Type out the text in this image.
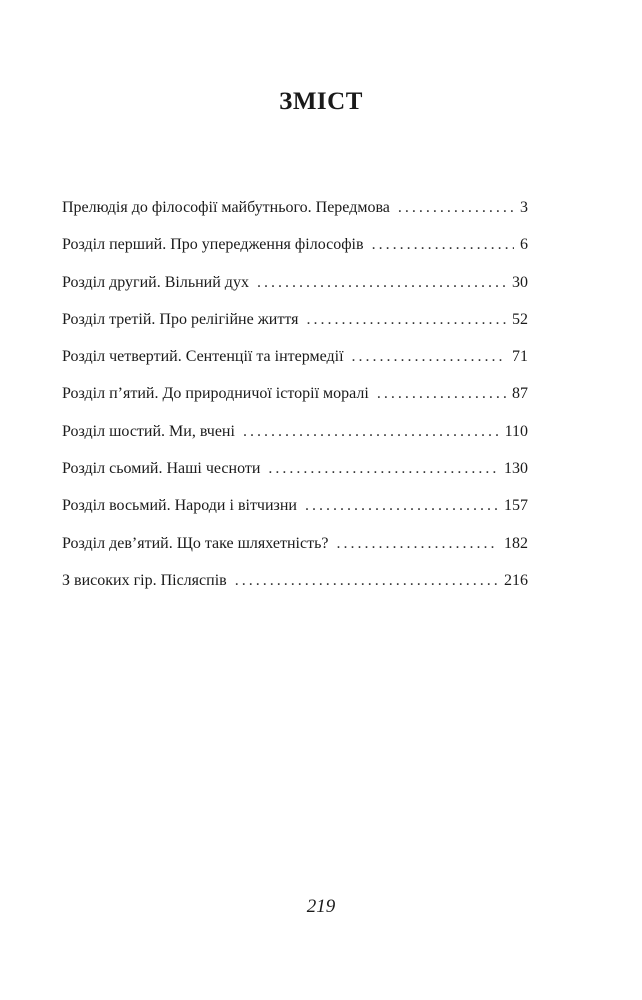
ЗМІСТ
Прелюдія до філософії майбутнього. Передмова . . .	3
Розділ перший. Про упередження філософів . . .	6
Розділ другий. Вільний дух . . .	30
Розділ третій. Про релігійне життя . . .	52
Розділ четвертий. Сентенції та інтермедії . . .	71
Розділ п’ятий. До природничої історії моралі . . .	87
Розділ шостий. Ми, вчені . . .	110
Розділ сьомий. Наші чесноти . . .	130
Розділ восьмий. Народи і вітчизни . . .	157
Розділ дев’ятий. Що таке шляхетність? . . .	182
З високих гір. Післяспів . . .	216
219
